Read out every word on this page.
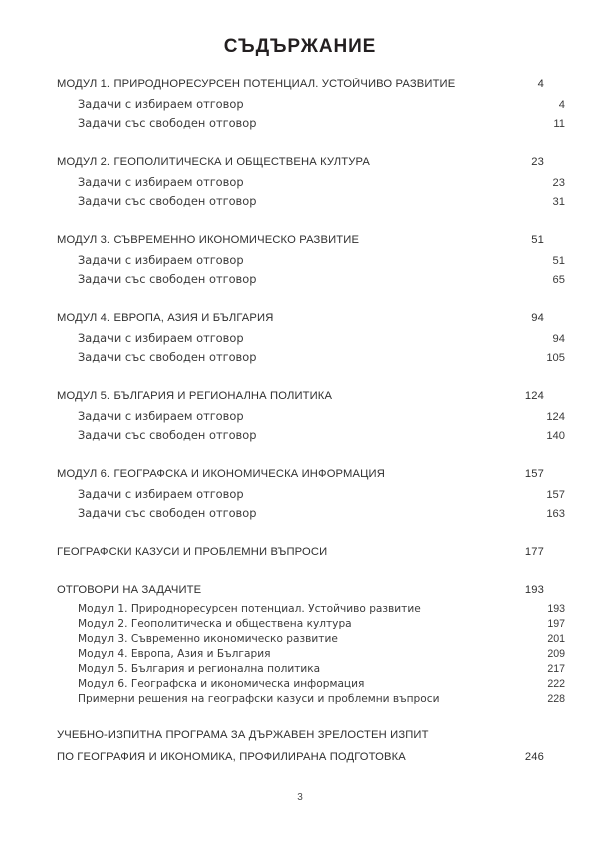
СЪДЪРЖАНИЕ
МОДУЛ 1. ПРИРОДНОРЕСУРСЕН ПОТЕНЦИАЛ. УСТОЙЧИВО РАЗВИТИЕ .....	4
Задачи с избираем отговор .....	4
Задачи със свободен отговор .....	11
МОДУЛ 2. ГЕОПОЛИТИЧЕСКА И ОБЩЕСТВЕНА КУЛТУРА .....	23
Задачи с избираем отговор .....	23
Задачи със свободен отговор .....	31
МОДУЛ 3. СЪВРЕМЕННО ИКОНОМИЧЕСКО РАЗВИТИЕ .....	51
Задачи с избираем отговор .....	51
Задачи със свободен отговор .....	65
МОДУЛ 4. ЕВРОПА, АЗИЯ И БЪЛГАРИЯ .....	94
Задачи с избираем отговор .....	94
Задачи със свободен отговор .....	105
МОДУЛ 5. БЪЛГАРИЯ И РЕГИОНАЛНА ПОЛИТИКА .....	124
Задачи с избираем отговор .....	124
Задачи със свободен отговор .....	140
МОДУЛ 6. ГЕОГРАФСКА И ИКОНОМИЧЕСКА ИНФОРМАЦИЯ .....	157
Задачи с избираем отговор .....	157
Задачи със свободен отговор .....	163
ГЕОГРАФСКИ КАЗУСИ И ПРОБЛЕМНИ ВЪПРОСИ .....	177
ОТГОВОРИ НА ЗАДАЧИТЕ .....	193
Модул 1. Природноресурсен потенциал. Устойчиво развитие .....	193
Модул 2. Геополитическа и обществена култура .....	197
Модул 3. Съвременно икономическо развитие .....	201
Модул 4. Европа, Азия и България .....	209
Модул 5. България и регионална политика .....	217
Модул 6. Географска и икономическа информация .....	222
Примерни решения на географски казуси и проблемни въпроси .....	228
УЧЕБНО-ИЗПИТНА ПРОГРАМА ЗА ДЪРЖАВЕН ЗРЕЛОСТЕН ИЗПИТ
ПО ГЕОГРАФИЯ И ИКОНОМИКА, ПРОФИЛИРАНА ПОДГОТОВКА .....	246
3
